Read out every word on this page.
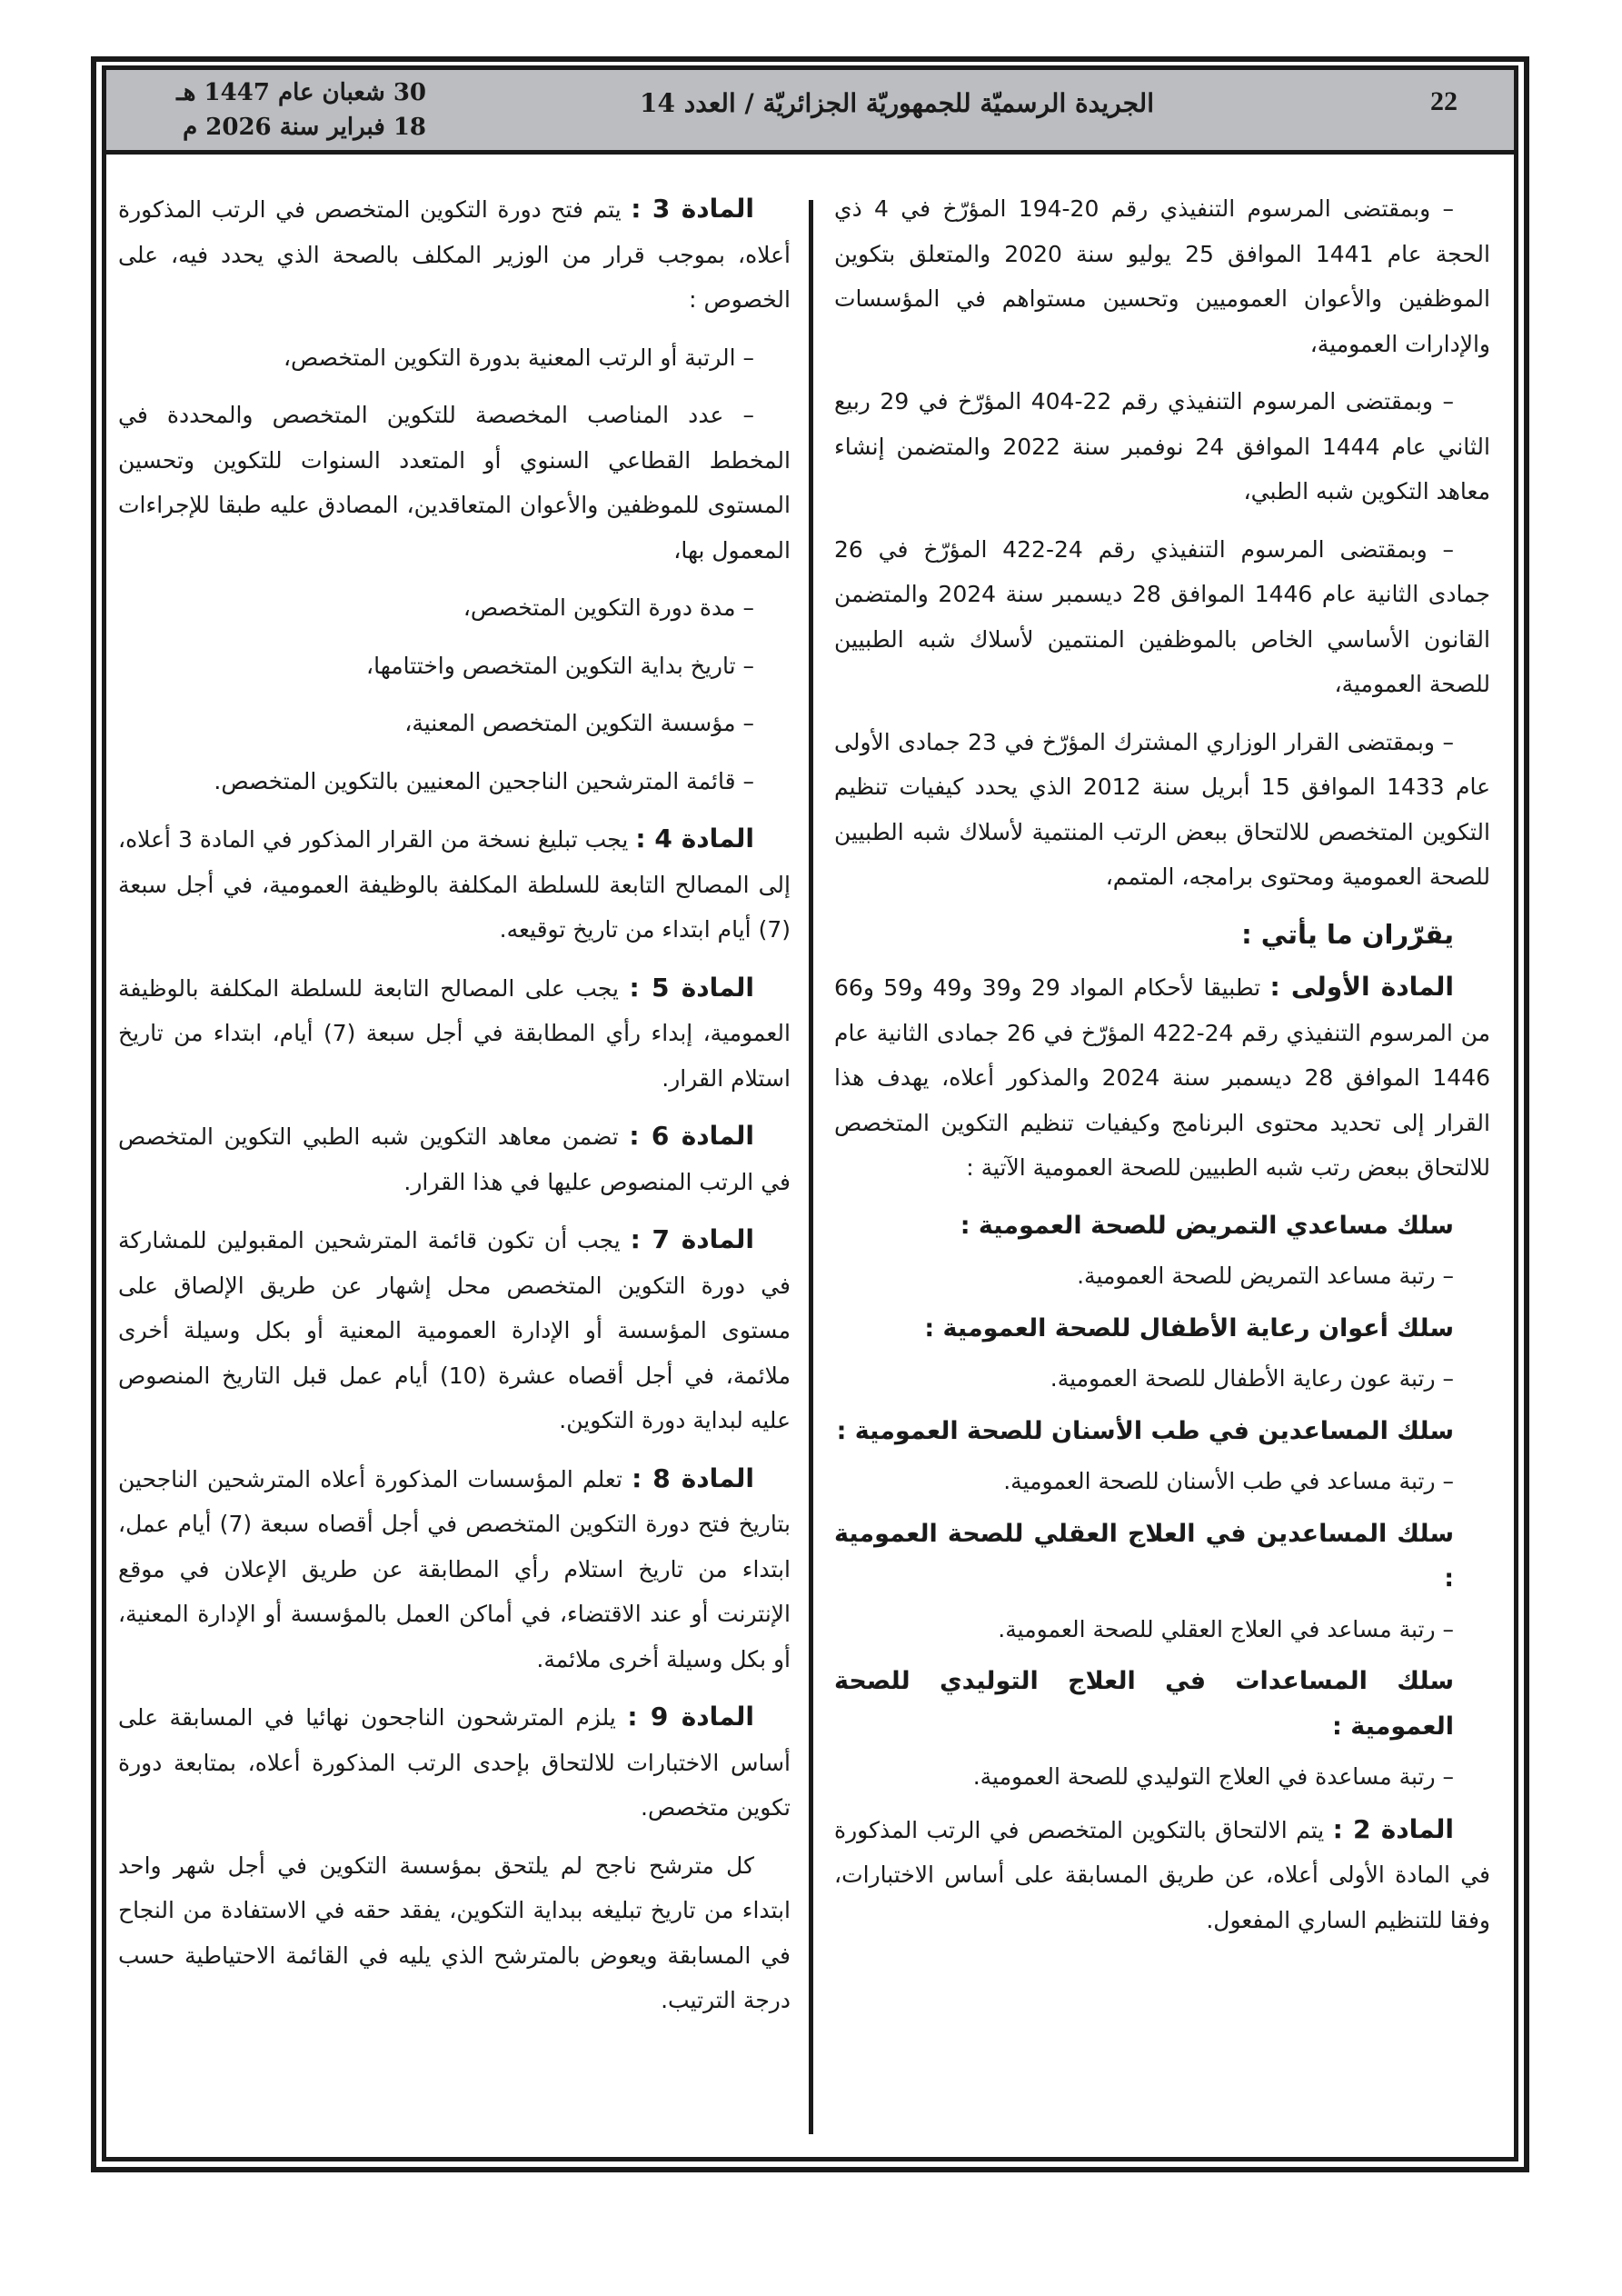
22
الجريدة الرسميّة للجمهوريّة الجزائريّة / العدد 14
30 شعبان عام 1447 هـ
18 فبراير سنة 2026 م

– وبمقتضى المرسوم التنفيذي رقم 20-194 المؤرّخ في 4 ذي الحجة عام 1441 الموافق 25 يوليو سنة 2020 والمتعلق بتكوين الموظفين والأعوان العموميين وتحسين مستواهم في المؤسسات والإدارات العمومية،

– وبمقتضى المرسوم التنفيذي رقم 22-404 المؤرّخ في 29 ربيع الثاني عام 1444 الموافق 24 نوفمبر سنة 2022 والمتضمن إنشاء معاهد التكوين شبه الطبي،

– وبمقتضى المرسوم التنفيذي رقم 24-422 المؤرّخ في 26 جمادى الثانية عام 1446 الموافق 28 ديسمبر سنة 2024 والمتضمن القانون الأساسي الخاص بالموظفين المنتمين لأسلاك شبه الطبيين للصحة العمومية،

– وبمقتضى القرار الوزاري المشترك المؤرّخ في 23 جمادى الأولى عام 1433 الموافق 15 أبريل سنة 2012 الذي يحدد كيفيات تنظيم التكوين المتخصص للالتحاق ببعض الرتب المنتمية لأسلاك شبه الطبيين للصحة العمومية ومحتوى برامجه، المتمم،

يقرّران ما يأتي :

المادة الأولى : تطبيقا لأحكام المواد 29 و39 و49 و59 و66 من المرسوم التنفيذي رقم 24-422 المؤرّخ في 26 جمادى الثانية عام 1446 الموافق 28 ديسمبر سنة 2024 والمذكور أعلاه، يهدف هذا القرار إلى تحديد محتوى البرنامج وكيفيات تنظيم التكوين المتخصص للالتحاق ببعض رتب شبه الطبيين للصحة العمومية الآتية :

سلك مساعدي التمريض للصحة العمومية :
– رتبة مساعد التمريض للصحة العمومية.
سلك أعوان رعاية الأطفال للصحة العمومية :
– رتبة عون رعاية الأطفال للصحة العمومية.
سلك المساعدين في طب الأسنان للصحة العمومية :
– رتبة مساعد في طب الأسنان للصحة العمومية.
سلك المساعدين في العلاج العقلي للصحة العمومية :
– رتبة مساعد في العلاج العقلي للصحة العمومية.
سلك المساعدات في العلاج التوليدي للصحة العمومية :
– رتبة مساعدة في العلاج التوليدي للصحة العمومية.

المادة 2 : يتم الالتحاق بالتكوين المتخصص في الرتب المذكورة في المادة الأولى أعلاه، عن طريق المسابقة على أساس الاختبارات، وفقا للتنظيم الساري المفعول.

المادة 3 : يتم فتح دورة التكوين المتخصص في الرتب المذكورة أعلاه، بموجب قرار من الوزير المكلف بالصحة الذي يحدد فيه، على الخصوص :

– الرتبة أو الرتب المعنية بدورة التكوين المتخصص،

– عدد المناصب المخصصة للتكوين المتخصص والمحددة في المخطط القطاعي السنوي أو المتعدد السنوات للتكوين وتحسين المستوى للموظفين والأعوان المتعاقدين، المصادق عليه طبقا للإجراءات المعمول بها،

– مدة دورة التكوين المتخصص،

– تاريخ بداية التكوين المتخصص واختتامها،

– مؤسسة التكوين المتخصص المعنية،

– قائمة المترشحين الناجحين المعنيين بالتكوين المتخصص.

المادة 4 : يجب تبليغ نسخة من القرار المذكور في المادة 3 أعلاه، إلى المصالح التابعة للسلطة المكلفة بالوظيفة العمومية، في أجل سبعة (7) أيام ابتداء من تاريخ توقيعه.

المادة 5 : يجب على المصالح التابعة للسلطة المكلفة بالوظيفة العمومية، إبداء رأي المطابقة في أجل سبعة (7) أيام، ابتداء من تاريخ استلام القرار.

المادة 6 : تضمن معاهد التكوين شبه الطبي التكوين المتخصص في الرتب المنصوص عليها في هذا القرار.

المادة 7 : يجب أن تكون قائمة المترشحين المقبولين للمشاركة في دورة التكوين المتخصص محل إشهار عن طريق الإلصاق على مستوى المؤسسة أو الإدارة العمومية المعنية أو بكل وسيلة أخرى ملائمة، في أجل أقصاه عشرة (10) أيام عمل قبل التاريخ المنصوص عليه لبداية دورة التكوين.

المادة 8 : تعلم المؤسسات المذكورة أعلاه المترشحين الناجحين بتاريخ فتح دورة التكوين المتخصص في أجل أقصاه سبعة (7) أيام عمل، ابتداء من تاريخ استلام رأي المطابقة عن طريق الإعلان في موقع الإنترنت أو عند الاقتضاء، في أماكن العمل بالمؤسسة أو الإدارة المعنية، أو بكل وسيلة أخرى ملائمة.

المادة 9 : يلزم المترشحون الناجحون نهائيا في المسابقة على أساس الاختبارات للالتحاق بإحدى الرتب المذكورة أعلاه، بمتابعة دورة تكوين متخصص.

كل مترشح ناجح لم يلتحق بمؤسسة التكوين في أجل شهر واحد ابتداء من تاريخ تبليغه ببداية التكوين، يفقد حقه في الاستفادة من النجاح في المسابقة ويعوض بالمترشح الذي يليه في القائمة الاحتياطية حسب درجة الترتيب.
